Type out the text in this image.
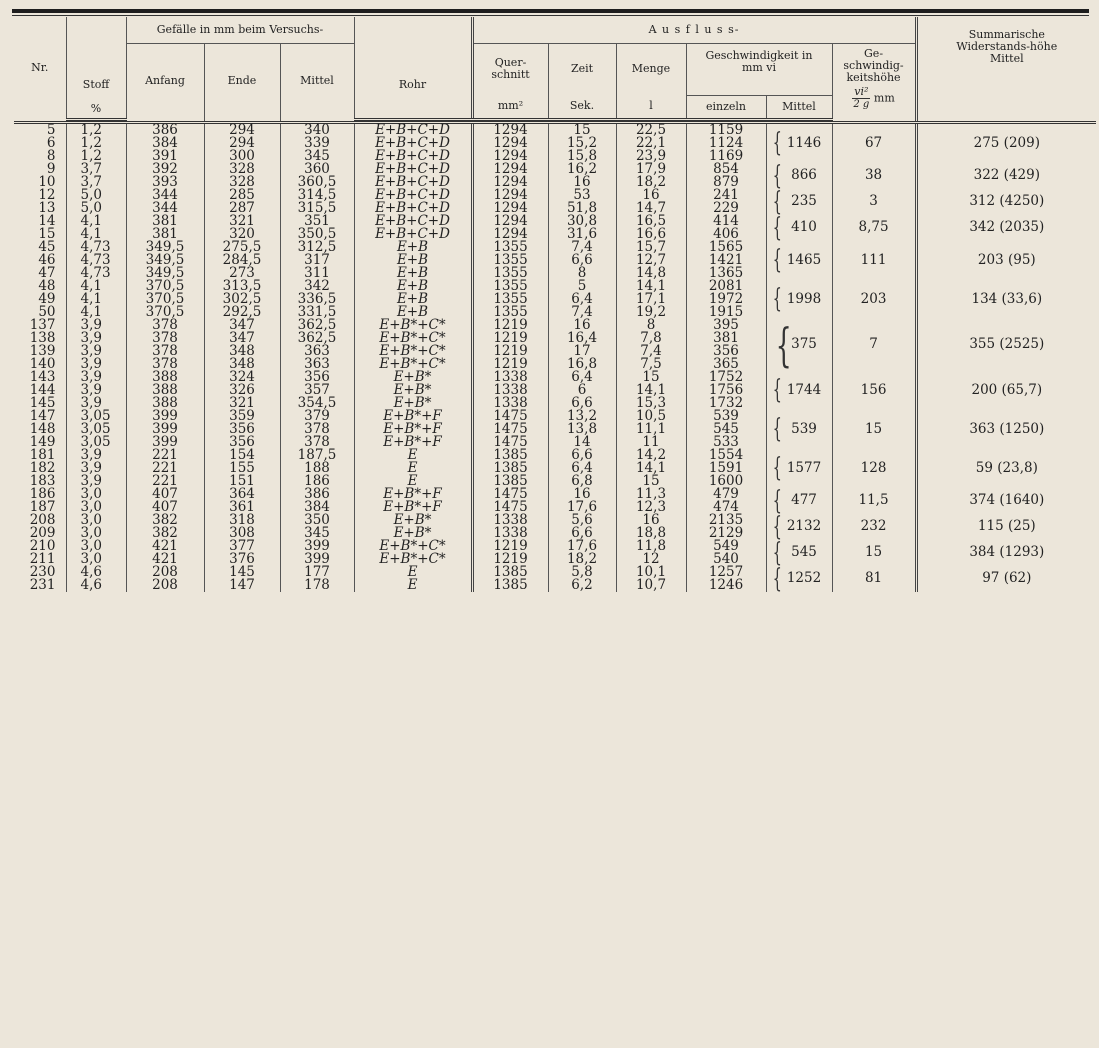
Nr.	Stoff	Gefälle in mm beim Versuchs-			Rohr	A u s f l u s s-						Summarische Widerstands-höhe Mittel

		Anfang	Ende	Mittel		Quer-schnitt	Zeit	Menge	Geschwindigkeit in mm vi		Ge-schwindig-keitshöhe
$\frac{\text{vi²}}{2 g}$ mm	

	%					mm²	Sek.	l	einzeln	Mittel		

5	1,2	386	294	340	E+B+C+D	1294	15	22,5	1159	{ 1146	67	275 (209)
6	1,2	384	294	339	E+B+C+D	1294	15,2	22,1	1124			
8	1,2	391	300	345	E+B+C+D	1294	15,8	23,9	1169			
9	3,7	392	328	360	E+B+C+D	1294	16,2	17,9	854	{ 866	38	322 (429)
10	3,7	393	328	360,5	E+B+C+D	1294	16	18,2	879			
12	5,0	344	285	314,5	E+B+C+D	1294	53	16	241	{ 235	3	312 (4250)
13	5,0	344	287	315,5	E+B+C+D	1294	51,8	14,7	229			
14	4,1	381	321	351	E+B+C+D	1294	30,8	16,5	414	{ 410	8,75	342 (2035)
15	4,1	381	320	350,5	E+B+C+D	1294	31,6	16,6	406			
45	4,73	349,5	275,5	312,5	E+B	1355	7,4	15,7	1565	{ 1465	111	203 (95)
46	4,73	349,5	284,5	317	E+B	1355	6,6	12,7	1421			
47	4,73	349,5	273	311	E+B	1355	8	14,8	1365			
48	4,1	370,5	313,5	342	E+B	1355	5	14,1	2081	{ 1998	203	134 (33,6)
49	4,1	370,5	302,5	336,5	E+B	1355	6,4	17,1	1972			
50	4,1	370,5	292,5	331,5	E+B	1355	7,4	19,2	1915			
137	3,9	378	347	362,5	E+B*+C*	1219	16	8	395	{ 375	7	355 (2525)
138	3,9	378	347	362,5	E+B*+C*	1219	16,4	7,8	381			
139	3,9	378	348	363	E+B*+C*	1219	17	7,4	356			
140	3,9	378	348	363	E+B*+C*	1219	16,8	7,5	365			
143	3,9	388	324	356	E+B*	1338	6,4	15	1752	{ 1744	156	200 (65,7)
144	3,9	388	326	357	E+B*	1338	6	14,1	1756			
145	3,9	388	321	354,5	E+B*	1338	6,6	15,3	1732			
147	3,05	399	359	379	E+B*+F	1475	13,2	10,5	539	{ 539	15	363 (1250)
148	3,05	399	356	378	E+B*+F	1475	13,8	11,1	545			
149	3,05	399	356	378	E+B*+F	1475	14	11	533			
181	3,9	221	154	187,5	E	1385	6,6	14,2	1554	{ 1577	128	59 (23,8)
182	3,9	221	155	188	E	1385	6,4	14,1	1591			
183	3,9	221	151	186	E	1385	6,8	15	1600			
186	3,0	407	364	386	E+B*+F	1475	16	11,3	479	{ 477	11,5	374 (1640)
187	3,0	407	361	384	E+B*+F	1475	17,6	12,3	474			
208	3,0	382	318	350	E+B*	1338	5,6	16	2135	{ 2132	232	115 (25)
209	3,0	382	308	345	E+B*	1338	6,6	18,8	2129			
210	3,0	421	377	399	E+B*+C*	1219	17,6	11,8	549	{ 545	15	384 (1293)
211	3,0	421	376	399	E+B*+C*	1219	18,2	12	540			
230	4,6	208	145	177	E	1385	5,8	10,1	1257	{ 1252	81	97 (62)
231	4,6	208	147	178	E	1385	6,2	10,7	1246			
